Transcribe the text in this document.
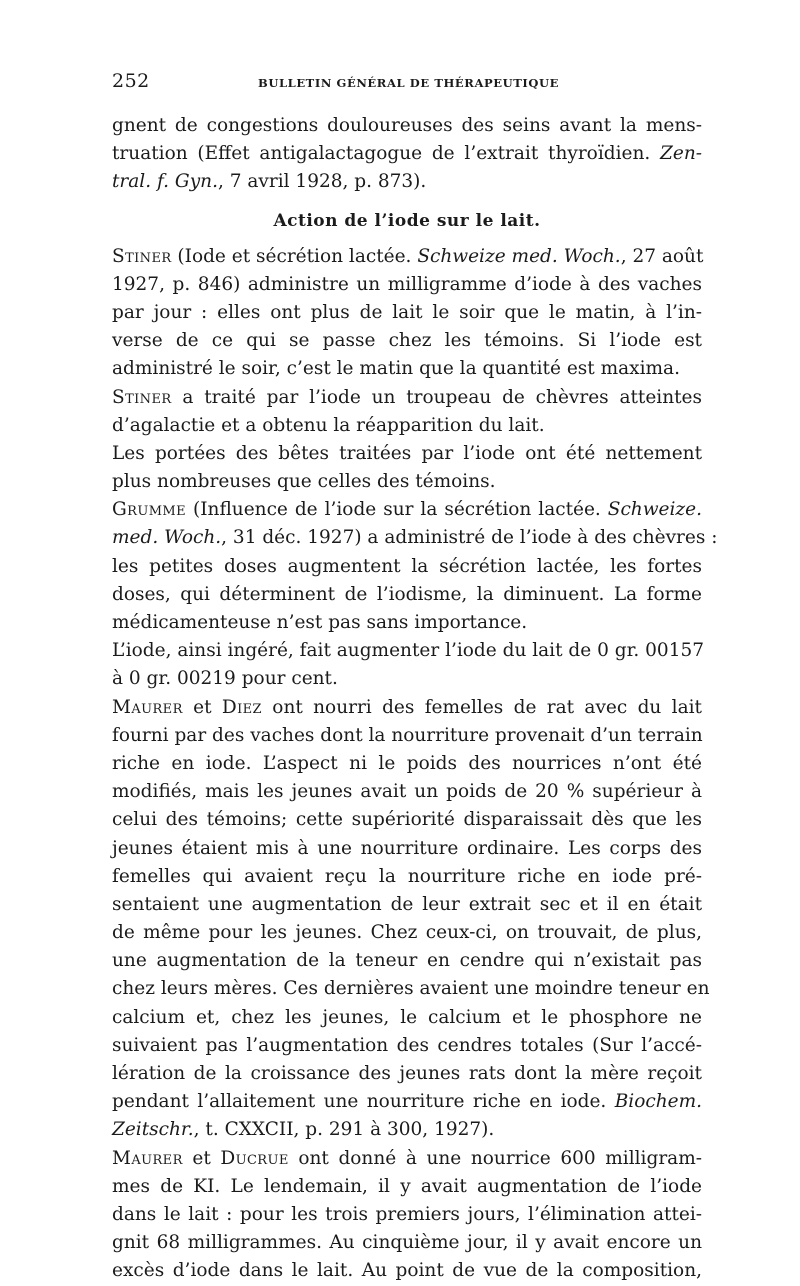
252	BULLETIN GÉNÉRAL DE THÉRAPEUTIQUE
gnent de congestions douloureuses des seins avant la mens-
truation (Effet antigalactagogue de l’extrait thyroïdien. Zen-
tral. f. Gyn., 7 avril 1928, p. 873).
Action de l’iode sur le lait.
Stiner (Iode et sécrétion lactée. Schweize med. Woch., 27 août
1927, p. 846) administre un milligramme d’iode à des vaches
par jour : elles ont plus de lait le soir que le matin, à l’in-
verse de ce qui se passe chez les témoins. Si l’iode est
administré le soir, c’est le matin que la quantité est maxima.
Stiner a traité par l’iode un troupeau de chèvres atteintes
d’agalactie et a obtenu la réapparition du lait.
Les portées des bêtes traitées par l’iode ont été nettement
plus nombreuses que celles des témoins.
Grumme (Influence de l’iode sur la sécrétion lactée. Schweize.
med. Woch., 31 déc. 1927) a administré de l’iode à des chèvres :
les petites doses augmentent la sécrétion lactée, les fortes
doses, qui déterminent de l’iodisme, la diminuent. La forme
médicamenteuse n’est pas sans importance.
L’iode, ainsi ingéré, fait augmenter l’iode du lait de 0 gr. 00157
à 0 gr. 00219 pour cent.
Maurer et Diez ont nourri des femelles de rat avec du lait
fourni par des vaches dont la nourriture provenait d’un terrain
riche en iode. L’aspect ni le poids des nourrices n’ont été
modifiés, mais les jeunes avait un poids de 20 % supérieur à
celui des témoins; cette supériorité disparaissait dès que les
jeunes étaient mis à une nourriture ordinaire. Les corps des
femelles qui avaient reçu la nourriture riche en iode pré-
sentaient une augmentation de leur extrait sec et il en était
de même pour les jeunes. Chez ceux-ci, on trouvait, de plus,
une augmentation de la teneur en cendre qui n’existait pas
chez leurs mères. Ces dernières avaient une moindre teneur en
calcium et, chez les jeunes, le calcium et le phosphore ne
suivaient pas l’augmentation des cendres totales (Sur l’accé-
lération de la croissance des jeunes rats dont la mère reçoit
pendant l’allaitement une nourriture riche en iode. Biochem.
Zeitschr., t. CXXCII, p. 291 à 300, 1927).
Maurer et Ducrue ont donné à une nourrice 600 milligram-
mes de KI. Le lendemain, il y avait augmentation de l’iode
dans le lait : pour les trois premiers jours, l’élimination attei-
gnit 68 milligrammes. Au cinquième jour, il y avait encore un
excès d’iode dans le lait. Au point de vue de la composition,
